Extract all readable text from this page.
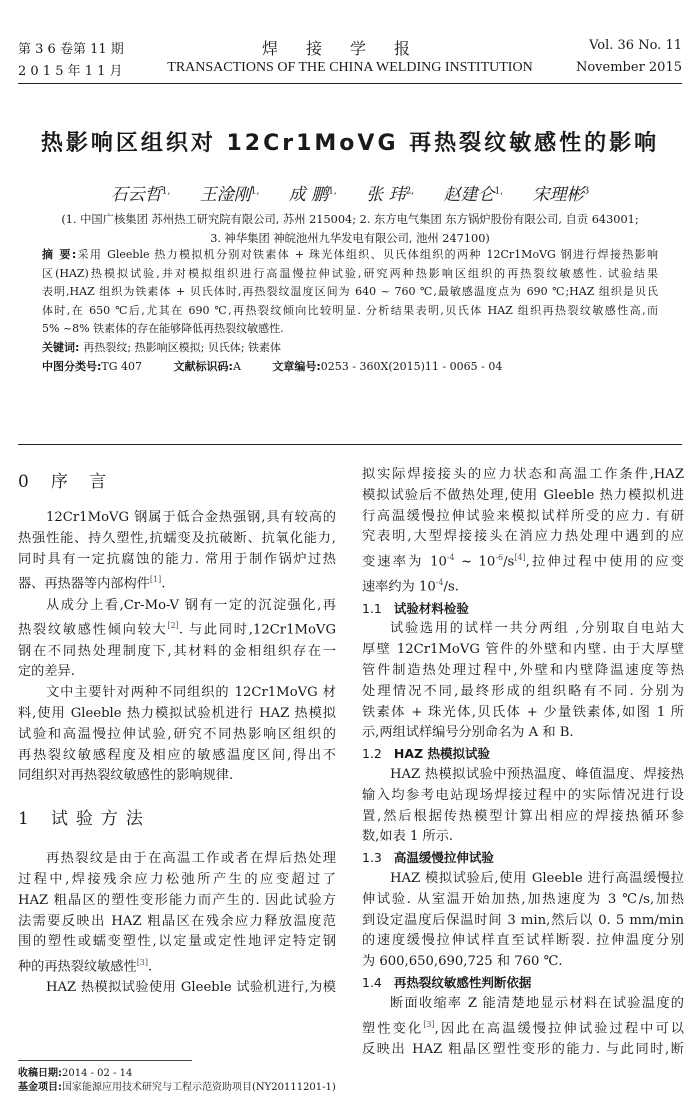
第 3 6 卷第 11 期	焊接学报	Vol. 36 No. 11
2 0 1 5 年 1 1 月	TRANSACTIONS OF THE CHINA WELDING INSTITUTION	November 2015
热影响区组织对 12Cr1MoVG 再热裂纹敏感性的影响
石云哲$^{1,}$ 王淦刚$^{1,}$ 成 鹏$^{1,}$ 张 玮$^{2,}$ 赵建仑$^{1,}$ 宋理彬$^3$
(1. 中国广核集团 苏州热工研究院有限公司, 苏州 215004; 2. 东方电气集团 东方锅炉股份有限公司, 自贡 643001;
3. 神华集团 神皖池州九华发电有限公司, 池州 247100)
摘 要:采用 Gleeble 热力模拟机分别对铁素体 + 珠光体组织、贝氏体组织的两种 12Cr1MoVG 钢进行焊接热影响
区(HAZ)热模拟试验,并对模拟组织进行高温慢拉伸试验,研究两种热影响区组织的再热裂纹敏感性. 试验结果
表明,HAZ 组织为铁素体 + 贝氏体时,再热裂纹温度区间为 640 ~ 760 ℃,最敏感温度点为 690 ℃;HAZ 组织是贝氏
体时,在 650 ℃后,尤其在 690 ℃,再热裂纹倾向比较明显. 分析结果表明,贝氏体 HAZ 组织再热裂纹敏感性高,而
5% ~8% 铁素体的存在能够降低再热裂纹敏感性.
关键词: 再热裂纹; 热影响区模拟; 贝氏体; 铁素体
中图分类号:TG 407	文献标识码:A	文章编号:0253 - 360X(2015)11 - 0065 - 04
0 序 言
12Cr1MoVG 钢属于低合金热强钢,具有较高的
热强性能、持久塑性,抗蠕变及抗破断、抗氧化能力,
同时具有一定抗腐蚀的能力. 常用于制作锅炉过热
器、再热器等内部构件[1].
从成分上看,Cr-Mo-V 钢有一定的沉淀强化,再
热裂纹敏感性倾向较大[2]. 与此同时,12Cr1MoVG
钢在不同热处理制度下,其材料的金相组织存在一
定的差异.
文中主要针对两种不同组织的 12Cr1MoVG 材
料,使用 Gleeble 热力模拟试验机进行 HAZ 热模拟
试验和高温慢拉伸试验,研究不同热影响区组织的
再热裂纹敏感程度及相应的敏感温度区间,得出不
同组织对再热裂纹敏感性的影响规律.
1 试验方法
再热裂纹是由于在高温工作或者在焊后热处理
过程中,焊接残余应力松弛所产生的应变超过了
HAZ 粗晶区的塑性变形能力而产生的. 因此试验方
法需要反映出 HAZ 粗晶区在残余应力释放温度范
围的塑性或蠕变塑性,以定量或定性地评定特定钢
种的再热裂纹敏感性[3].
HAZ 热模拟试验使用 Gleeble 试验机进行,为模
收稿日期:2014 - 02 - 14
基金项目:国家能源应用技术研究与工程示范资助项目(NY20111201-1)
拟实际焊接接头的应力状态和高温工作条件,HAZ
模拟试验后不做热处理,使用 Gleeble 热力模拟机进
行高温缓慢拉伸试验来模拟试样所受的应力. 有研
究表明,大型焊接接头在消应力热处理中遇到的应
变速率为 $10^{-4}$ ~ $10^{-6}/s[4]$,拉伸过程中使用的应变
速率约为 $10^{-4}/s$.
1.1 试验材料检验
试验选用的试样一共分两组 ,分别取自电站大
厚壁 12Cr1MoVG 管件的外壁和内壁. 由于大厚壁
管件制造热处理过程中,外壁和内壁降温速度等热
处理情况不同,最终形成的组织略有不同. 分别为
铁素体 + 珠光体,贝氏体 + 少量铁素体,如图 1 所
示,两组试样编号分别命名为 A 和 B.
1.2 HAZ 热模拟试验
HAZ 热模拟试验中预热温度、峰值温度、焊接热
输入均参考电站现场焊接过程中的实际情况进行设
置,然后根据传热模型计算出相应的焊接热循环参
数,如表 1 所示.
1.3 高温缓慢拉伸试验
HAZ 模拟试验后,使用 Gleeble 进行高温缓慢拉
伸试验. 从室温开始加热,加热速度为 3 ℃/s,加热
到设定温度后保温时间 3 min,然后以 0. 5 mm/min
的速度缓慢拉伸试样直至试样断裂. 拉伸温度分别
为 600,650,690,725 和 760 ℃.
1.4 再热裂纹敏感性判断依据
断面收缩率 Z 能清楚地显示材料在试验温度的
塑性变化[3],因此在高温缓慢拉伸试验过程中可以
反映出 HAZ 粗晶区塑性变形的能力. 与此同时,断
